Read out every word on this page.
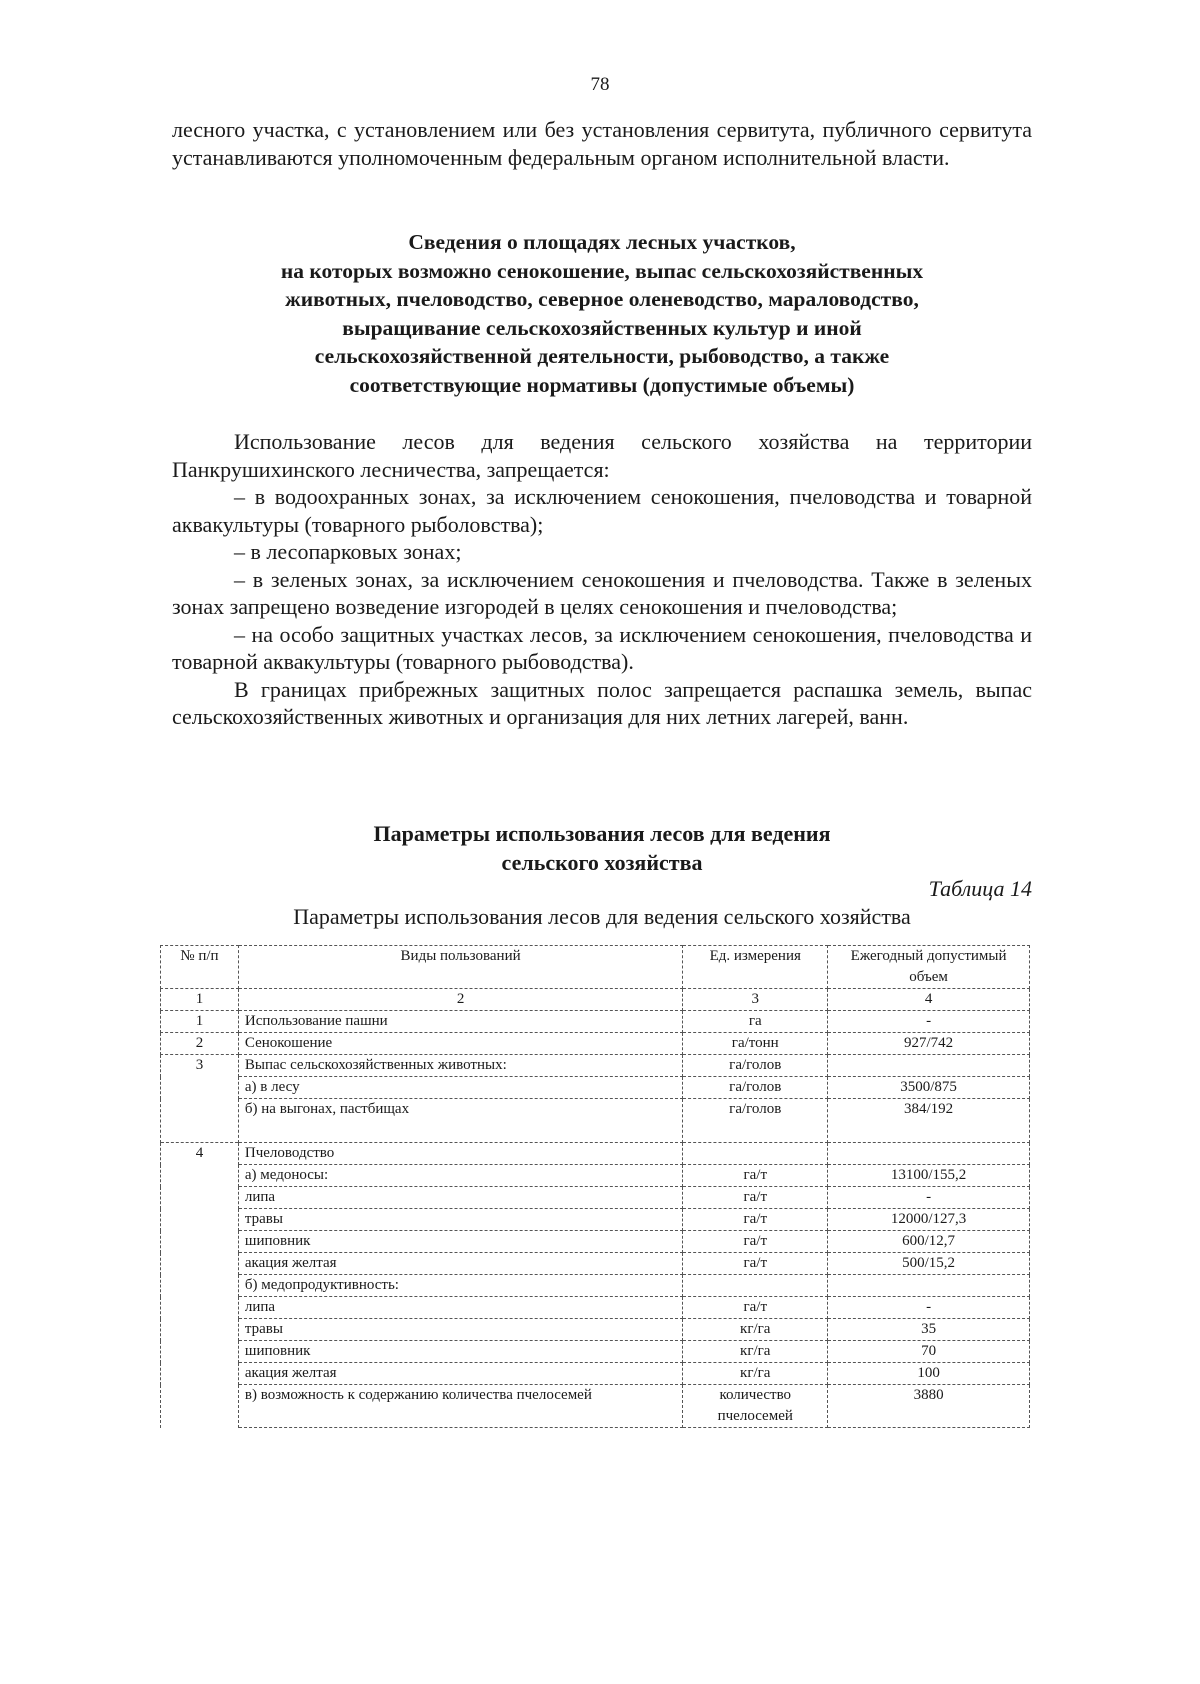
78

лесного участка, с установлением или без установления сервитута, публичного сервитута устанавливаются уполномоченным федеральным органом исполнительной власти.

Сведения о площадях лесных участков,
на которых возможно сенокошение, выпас сельскохозяйственных
животных, пчеловодство, северное оленеводство, мараловодство,
выращивание сельскохозяйственных культур и иной
сельскохозяйственной деятельности, рыбоводство, а также
соответствующие нормативы (допустимые объемы)

Использование лесов для ведения сельского хозяйства на территории Панкрушихинского лесничества, запрещается:

– в водоохранных зонах, за исключением сенокошения, пчеловодства и товарной аквакультуры (товарного рыболовства);

– в лесопарковых зонах;

– в зеленых зонах, за исключением сенокошения и пчеловодства. Также в зеленых зонах запрещено возведение изгородей в целях сенокошения и пчеловодства;

– на особо защитных участках лесов, за исключением сенокошения, пчеловодства и товарной аквакультуры (товарного рыбоводства).

В границах прибрежных защитных полос запрещается распашка земель, выпас сельскохозяйственных животных и организация для них летних лагерей, ванн.

Параметры использования лесов для ведения
сельского хозяйства
Таблица 14
Параметры использования лесов для ведения сельского хозяйства
№ п/п	Виды пользований	Ед. измерения	Ежегодный допустимый объем
1	2	3	4
1	Использование пашни	га	-
2	Сенокошение	га/тонн	927/742
3	Выпас сельскохозяйственных животных:	га/голов	
	а) в лесу	га/голов	3500/875
	б) на выгонах, пастбищах	га/голов	384/192
4	Пчеловодство		
	а) медоносы:	га/т	13100/155,2
	липа	га/т	-
	травы	га/т	12000/127,3
	шиповник	га/т	600/12,7
	акация желтая	га/т	500/15,2
	б) медопродуктивность:		
	липа	га/т	-
	травы	кг/га	35
	шиповник	кг/га	70
	акация желтая	кг/га	100
	в) возможность к содержанию количества пчелосемей	количество пчелосемей	3880
